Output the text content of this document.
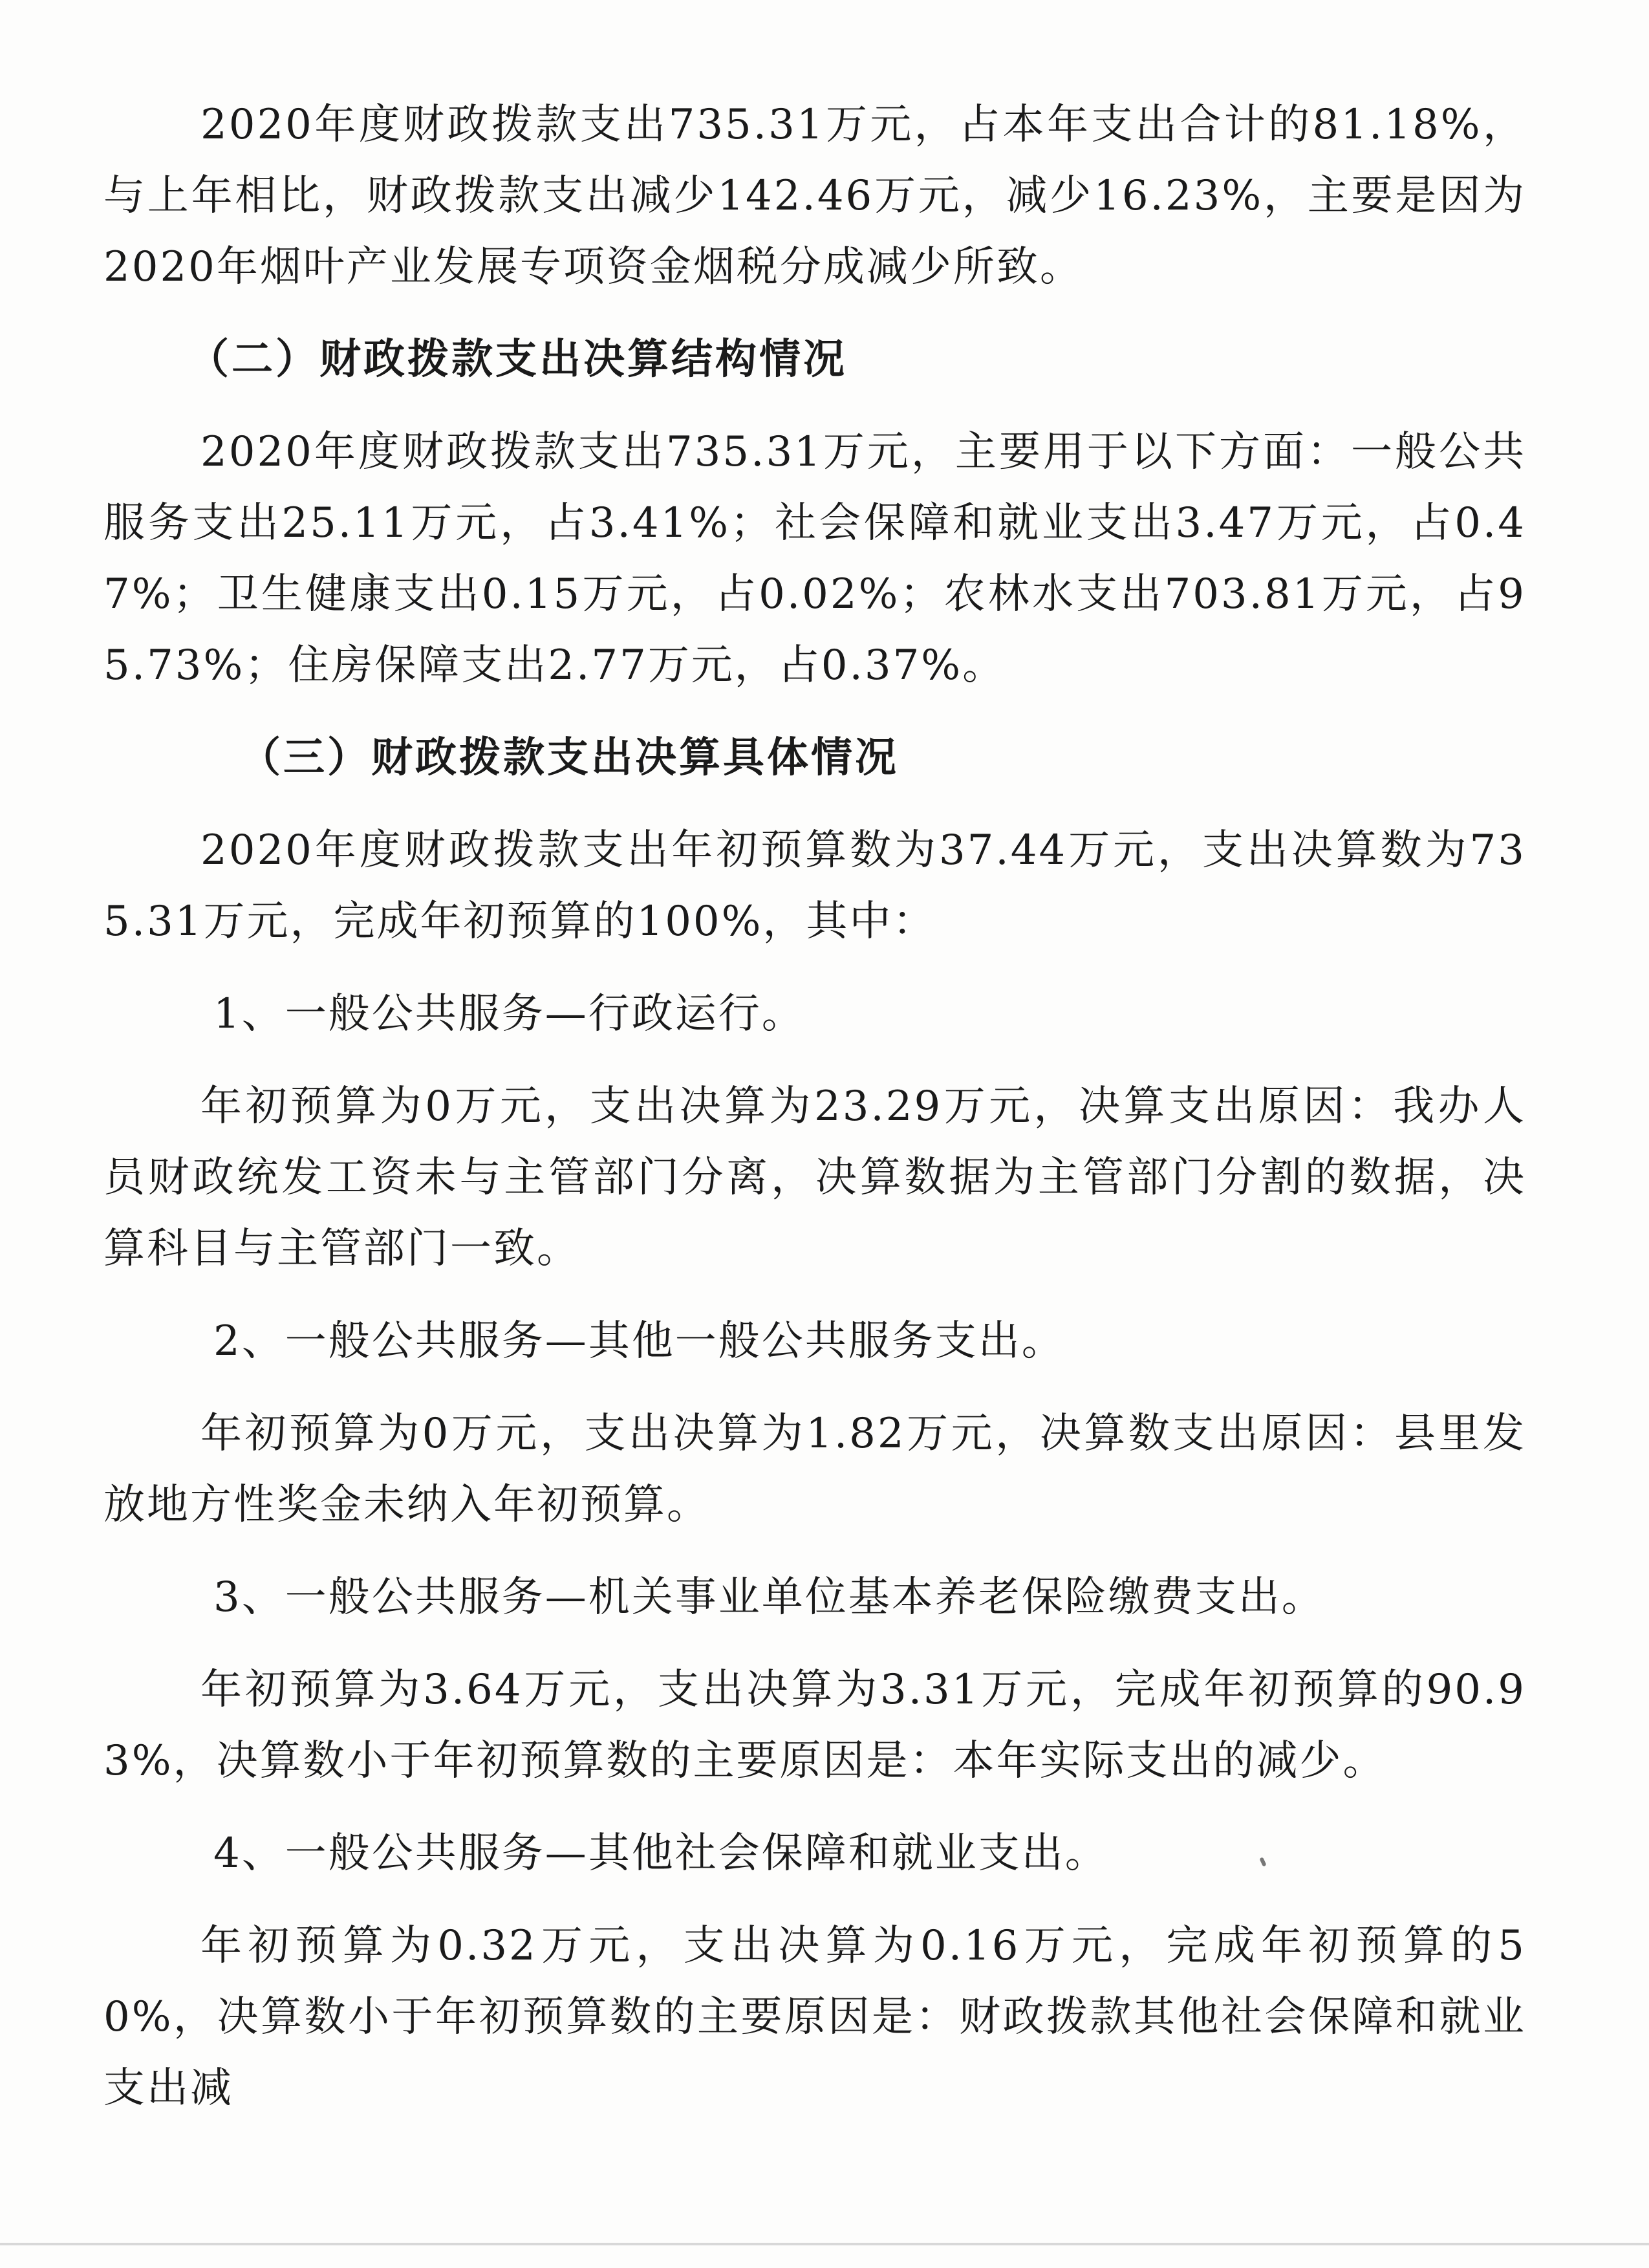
2020年度财政拨款支出735.31万元，占本年支出合计的81.18%，与上年相比，财政拨款支出减少142.46万元，减少16.23%，主要是因为2020年烟叶产业发展专项资金烟税分成减少所致。

（二）财政拨款支出决算结构情况

2020年度财政拨款支出735.31万元，主要用于以下方面：一般公共服务支出25.11万元，占3.41%；社会保障和就业支出3.47万元，占0.47%；卫生健康支出0.15万元，占0.02%；农林水支出703.81万元，占95.73%；住房保障支出2.77万元，占0.37%。

（三）财政拨款支出决算具体情况

2020年度财政拨款支出年初预算数为37.44万元，支出决算数为735.31万元，完成年初预算的100%，其中：

1、一般公共服务—行政运行。

年初预算为0万元，支出决算为23.29万元，决算支出原因：我办人员财政统发工资未与主管部门分离，决算数据为主管部门分割的数据，决算科目与主管部门一致。

2、一般公共服务—其他一般公共服务支出。

年初预算为0万元，支出决算为1.82万元，决算数支出原因：县里发放地方性奖金未纳入年初预算。

3、一般公共服务—机关事业单位基本养老保险缴费支出。

年初预算为3.64万元，支出决算为3.31万元，完成年初预算的90.93%，决算数小于年初预算数的主要原因是：本年实际支出的减少。

4、一般公共服务—其他社会保障和就业支出。

年初预算为0.32万元，支出决算为0.16万元，完成年初预算的50%，决算数小于年初预算数的主要原因是：财政拨款其他社会保障和就业支出减
